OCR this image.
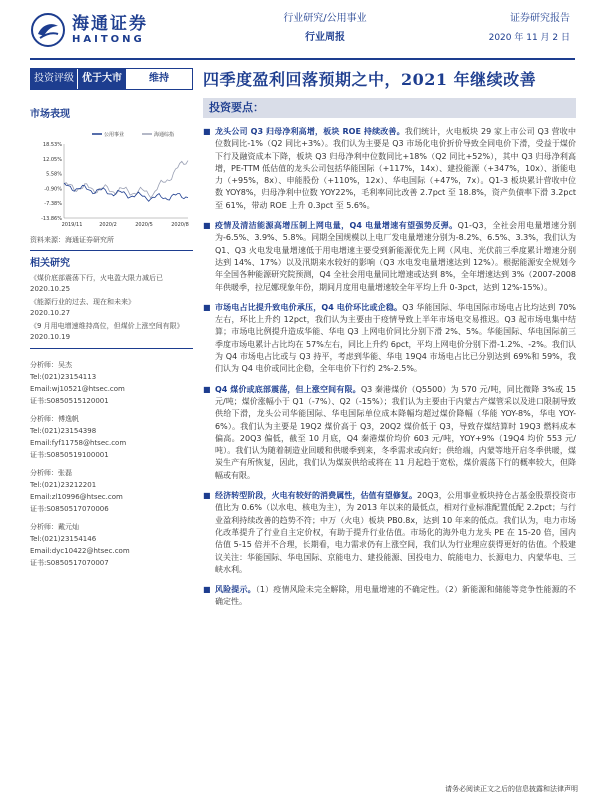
海通证券
HAITONG
行业研究/公用事业
行业周报
证券研究报告
2020 年 11 月 2 日
投资评级 优于大市	维持
市场表现
公用事业	海通综指
18.53%
12.05%
5.58%
-0.90%
-7.38%
-13.86%
2019/11	2020/2	2020/5	2020/8
资料来源：海通证券研究所
相关研究
《煤价底部震荡下行，火电盈大限力减后已
2020.10.25
《能源行业的过去、现在和未来》
2020.10.27
《9 月用电增速维持高位，但煤价上涨空间有限》
2020.10.19
分析师：吴杰
Tel:(021)23154113
Email:wj10521@htsec.com
证书:S0850515120001
分析师：傅逸帆
Tel:(021)23154398
Email:fyf11758@htsec.com
证书:S0850519100001
分析师：张磊
Tel:(021)23212201
Email:zl10996@htsec.com
证书:S0850517070006
分析师：戴元灿
Tel:(021)23154146
Email:dyc10422@htsec.com
证书:S0850517070007
四季度盈利回落预期之中，2021 年继续改善
投资要点：
■ 龙头公司 Q3 归母净利高增，板块 ROE 持续改善。我们统计，火电板块 29 家上市公司 Q3 营收中位数同比-1%（Q2 同比+3%）。我们认为主要是 Q3 市场化电价折价导致全同电价下滑，受益于煤价下行及融资成本下降，板块 Q3 归母净利中位数同比+18%（Q2 同比+52%），其中 Q3 归母净利高增，PE-TTM 低估值的龙头公司包括华能国际（+117%，14x）、建投能源（+347%，10x）、浙能电力（+95%，8x）、申能股份（+110%，12x）、华电国际（+47%，7x）。Q1-3 板块累计营收中位数 YOY8%，归母净利中位数 YOY22%，毛利率同比改善 2.7pct 至 18.8%，资产负债率下滑 3.2pct 至 61%，带动 ROE 上升 0.3pct 至 5.6%。
■ 疫情及清洁能源高增压制上网电量，Q4 电量增速有望强势反弹。Q1-Q3，全社会用电量增速分别为-6.5%、3.9%、5.8%。同期全国规模以上电厂发电量增速分别为-8.2%、6.5%、3.3%，我们认为 Q1、Q3 火电发电量增速低于用电增速主要受到新能源优先上网（风电、光伏前三季度累计增速分别达到 14%、17%）以及汛期来水较好的影响（Q3 水电发电量增速达到 12%）。根据能源安全规划今年全国各种能源研究院预测，Q4 全社会用电量同比增速或达到 8%，全年增速达到 3%（2007-2008 年供暖季，拉尼娜现象年份，期间月度用电量增速较全年平均上升 0-3pct，达到 12%-15%）。
■ 市场电占比提升致电价承压，Q4 电价环比或企稳。Q3 华能国际、华电国际市场电占比均达到 70%左右，环比上升约 12pct，我们认为主要由于疫情导致上半年市场电交易推迟。Q3 起市场电集中结算；市场电比例提升造成华能、华电 Q3 上网电价同比分别下滑 2%、5%。华能国际、华电国际前三季度市场电累计占比均在 57%左右，同比上升约 6pct，平均上网电价分别下滑-1.2%、-2%。我们认为 Q4 市场电占比或与 Q3 持平，考虑到华能、华电 19Q4 市场电占比已分别达到 69%和 59%，我们认为 Q4 电价或同比企稳，全年电价下行约 2%-2.5%。
■ Q4 煤价或底部震荡，但上涨空间有限。Q3 秦港煤价（Q5500）为 570 元/吨，同比微降 3%或 15 元/吨；煤价涨幅小于 Q1（-7%）、Q2（-15%）；我们认为主要由于内蒙古产煤管采以及进口限制导致供给下滑，龙头公司华能国际、华电国际单位成本降幅均超过煤价降幅（华能 YOY-8%，华电 YOY-6%）。我们认为主要是 19Q2 煤价高于 Q3，20Q2 煤价低于 Q3，导致存煤结算时 19Q3 燃料成本偏高。20Q3 偏低，截至 10 月底，Q4 秦港煤价均价 603 元/吨，YOY+9%（19Q4 均价 553 元/吨）。我们认为随着制造业回暖和供暖季到来，冬季需求或向好；供给端，内蒙等地开启冬季供暖，煤炭生产有所恢复，因此，我们认为煤炭供给或将在 11 月起趋于宽松，煤价震荡下行的概率较大，但降幅或有限。
■ 经济转型阶段，火电有较好的消费属性，估值有望修复。20Q3，公用事业板块持仓占基金股票投资市值比为 0.6%（以水电、核电为主），为 2013 年以来的最低点，相对行业标准配置低配 2.2pct；与行业盈利持续改善的趋势不符；中万（火电）板块 PB0.8x，达到 10 年来的低点。我们认为，电力市场化改革提升了行业自主定价权，有助于提升行业估值。市场化的海外电力龙头 PE 在 15-20 倍，国内估值 5-15 倍并不合理，长期看，电力需求仍有上涨空间，我们认为行业理应获得更好的估值。个股建议关注：华能国际、华电国际、京能电力、建投能源、国投电力、皖能电力、长源电力、内蒙华电、三峡水利。
■ 风险提示。（1）疫情风险未完全解除，用电量增速的不确定性。（2）新能源和储能等竞争性能源的不确定性。
请务必阅读正文之后的信息披露和法律声明
